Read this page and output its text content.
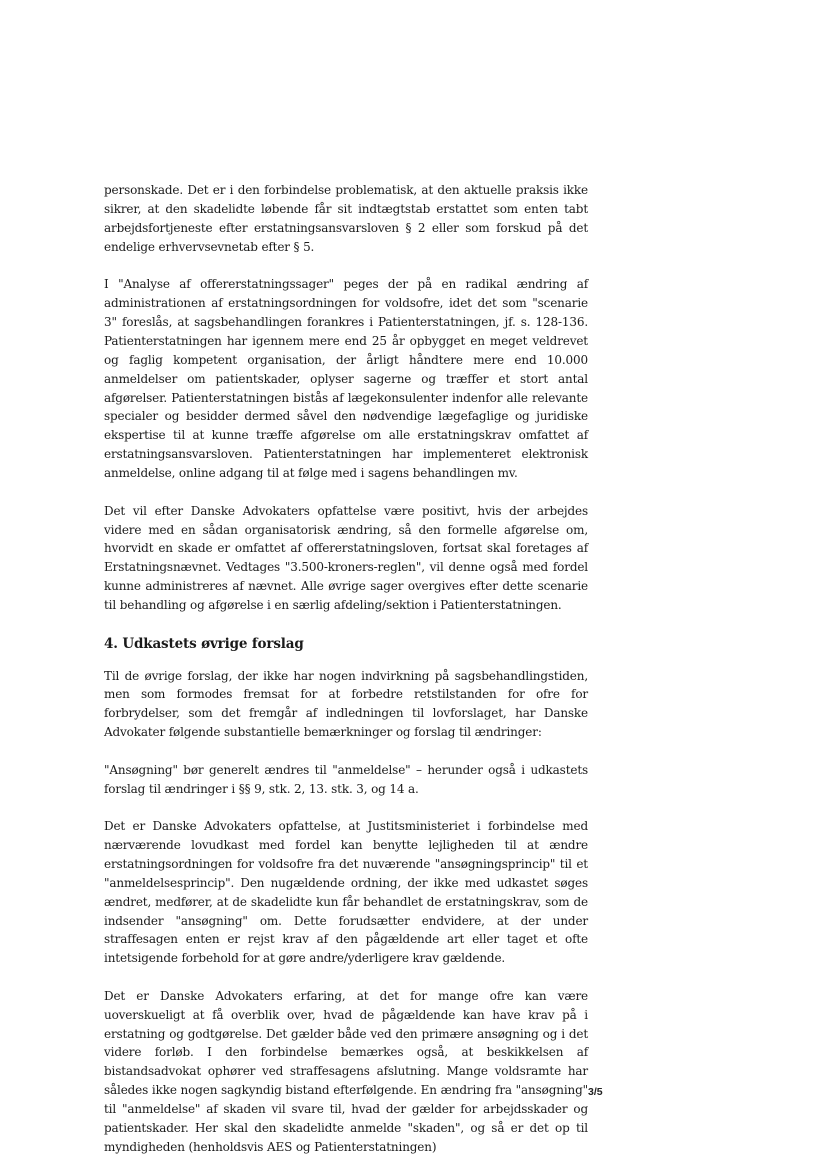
personskade. Det er i den forbindelse problematisk, at den aktuelle praksis ikke sikrer, at den skadelidte løbende får sit indtægtstab erstattet som enten tabt arbejdsfortjeneste efter erstatningsansvarsloven § 2 eller som forskud på det endelige erhvervsevnetab efter § 5.

I "Analyse af offererstatningssager" peges der på en radikal ændring af administrationen af erstatningsordningen for voldsofre, idet det som "scenarie 3" foreslås, at sagsbehandlingen forankres i Patienterstatningen, jf. s. 128-136. Patienterstatningen har igennem mere end 25 år opbygget en meget veldrevet og faglig kompetent organisation, der årligt håndtere mere end 10.000 anmeldelser om patientskader, oplyser sagerne og træffer et stort antal afgørelser. Patienterstatningen bistås af lægekonsulenter indenfor alle relevante specialer og besidder dermed såvel den nødvendige lægefaglige og juridiske ekspertise til at kunne træffe afgørelse om alle erstatningskrav omfattet af erstatningsansvarsloven. Patienterstatningen har implementeret elektronisk anmeldelse, online adgang til at følge med i sagens behandlingen mv.

Det vil efter Danske Advokaters opfattelse være positivt, hvis der arbejdes videre med en sådan organisatorisk ændring, så den formelle afgørelse om, hvorvidt en skade er omfattet af offererstatningsloven, fortsat skal foretages af Erstatningsnævnet. Vedtages "3.500-kroners-reglen", vil denne også med fordel kunne administreres af nævnet. Alle øvrige sager overgives efter dette scenarie til behandling og afgørelse i en særlig afdeling/sektion i Patienterstatningen.

4. Udkastets øvrige forslag

Til de øvrige forslag, der ikke har nogen indvirkning på sagsbehandlingstiden, men som formodes fremsat for at forbedre retstilstanden for ofre for forbrydelser, som det fremgår af indledningen til lovforslaget, har Danske Advokater følgende substantielle bemærkninger og forslag til ændringer:

"Ansøgning" bør generelt ændres til "anmeldelse" – herunder også i udkastets forslag til ændringer i §§ 9, stk. 2, 13. stk. 3, og 14 a.

Det er Danske Advokaters opfattelse, at Justitsministeriet i forbindelse med nærværende lovudkast med fordel kan benytte lejligheden til at ændre erstatningsordningen for voldsofre fra det nuværende "ansøgningsprincip" til et "anmeldelsesprincip". Den nugældende ordning, der ikke med udkastet søges ændret, medfører, at de skadelidte kun får behandlet de erstatningskrav, som de indsender "ansøgning" om. Dette forudsætter endvidere, at der under straffesagen enten er rejst krav af den pågældende art eller taget et ofte intetsigende forbehold for at gøre andre/yderligere krav gældende.

Det er Danske Advokaters erfaring, at det for mange ofre kan være uoverskueligt at få overblik over, hvad de pågældende kan have krav på i erstatning og godtgørelse. Det gælder både ved den primære ansøgning og i det videre forløb. I den forbindelse bemærkes også, at beskikkelsen af bistandsadvokat ophører ved straffesagens afslutning. Mange voldsramte har således ikke nogen sagkyndig bistand efterfølgende. En ændring fra "ansøgning" til "anmeldelse" af skaden vil svare til, hvad der gælder for arbejdsskader og patientskader. Her skal den skadelidte anmelde "skaden", og så er det op til myndigheden (henholdsvis AES og Patienterstatningen)

3/5
